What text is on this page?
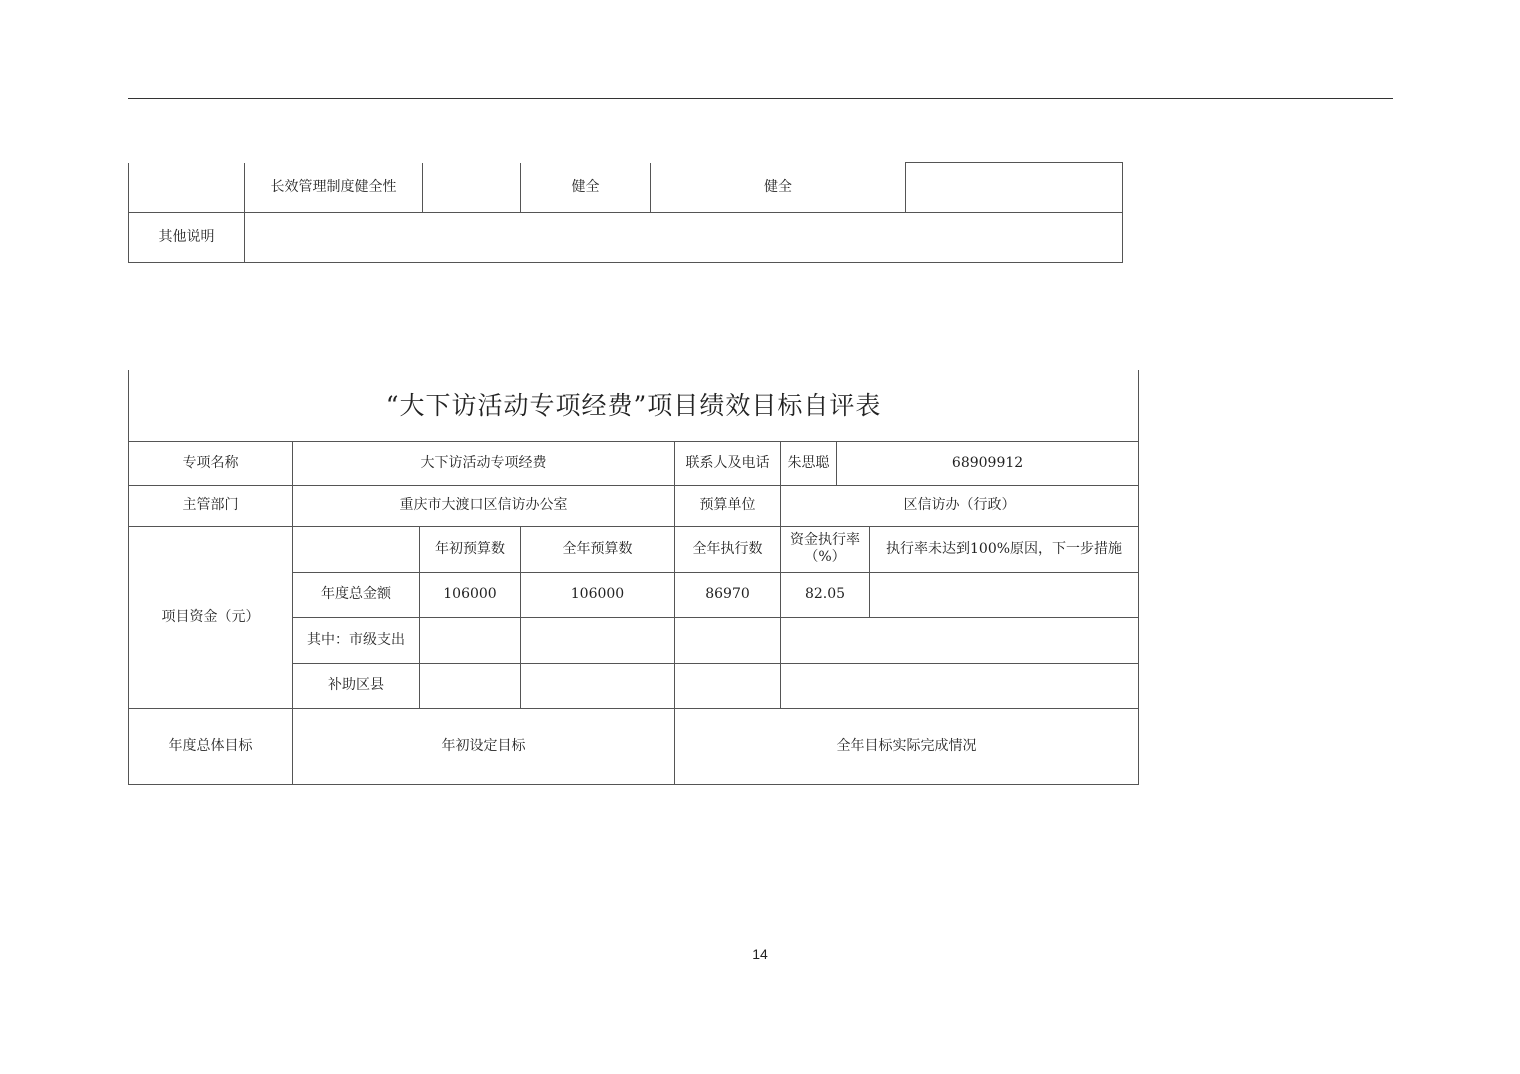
	长效管理制度健全性		健全	健全	
其他说明					
“大下访活动专项经费”项目绩效目标自评表							
专项名称	大下访活动专项经费			联系人及电话	朱思聪	68909912	
主管部门	重庆市大渡口区信访办公室			预算单位	区信访办（行政）		
项目资金（元）		年初预算数	全年预算数	全年执行数	资金执行率（%）		执行率未达到100%原因，下一步措施
	年度总金额	106000	106000	86970	82.05		
	其中：市级支出						
	补助区县						
年度总体目标	年初设定目标			全年目标实际完成情况			
14
